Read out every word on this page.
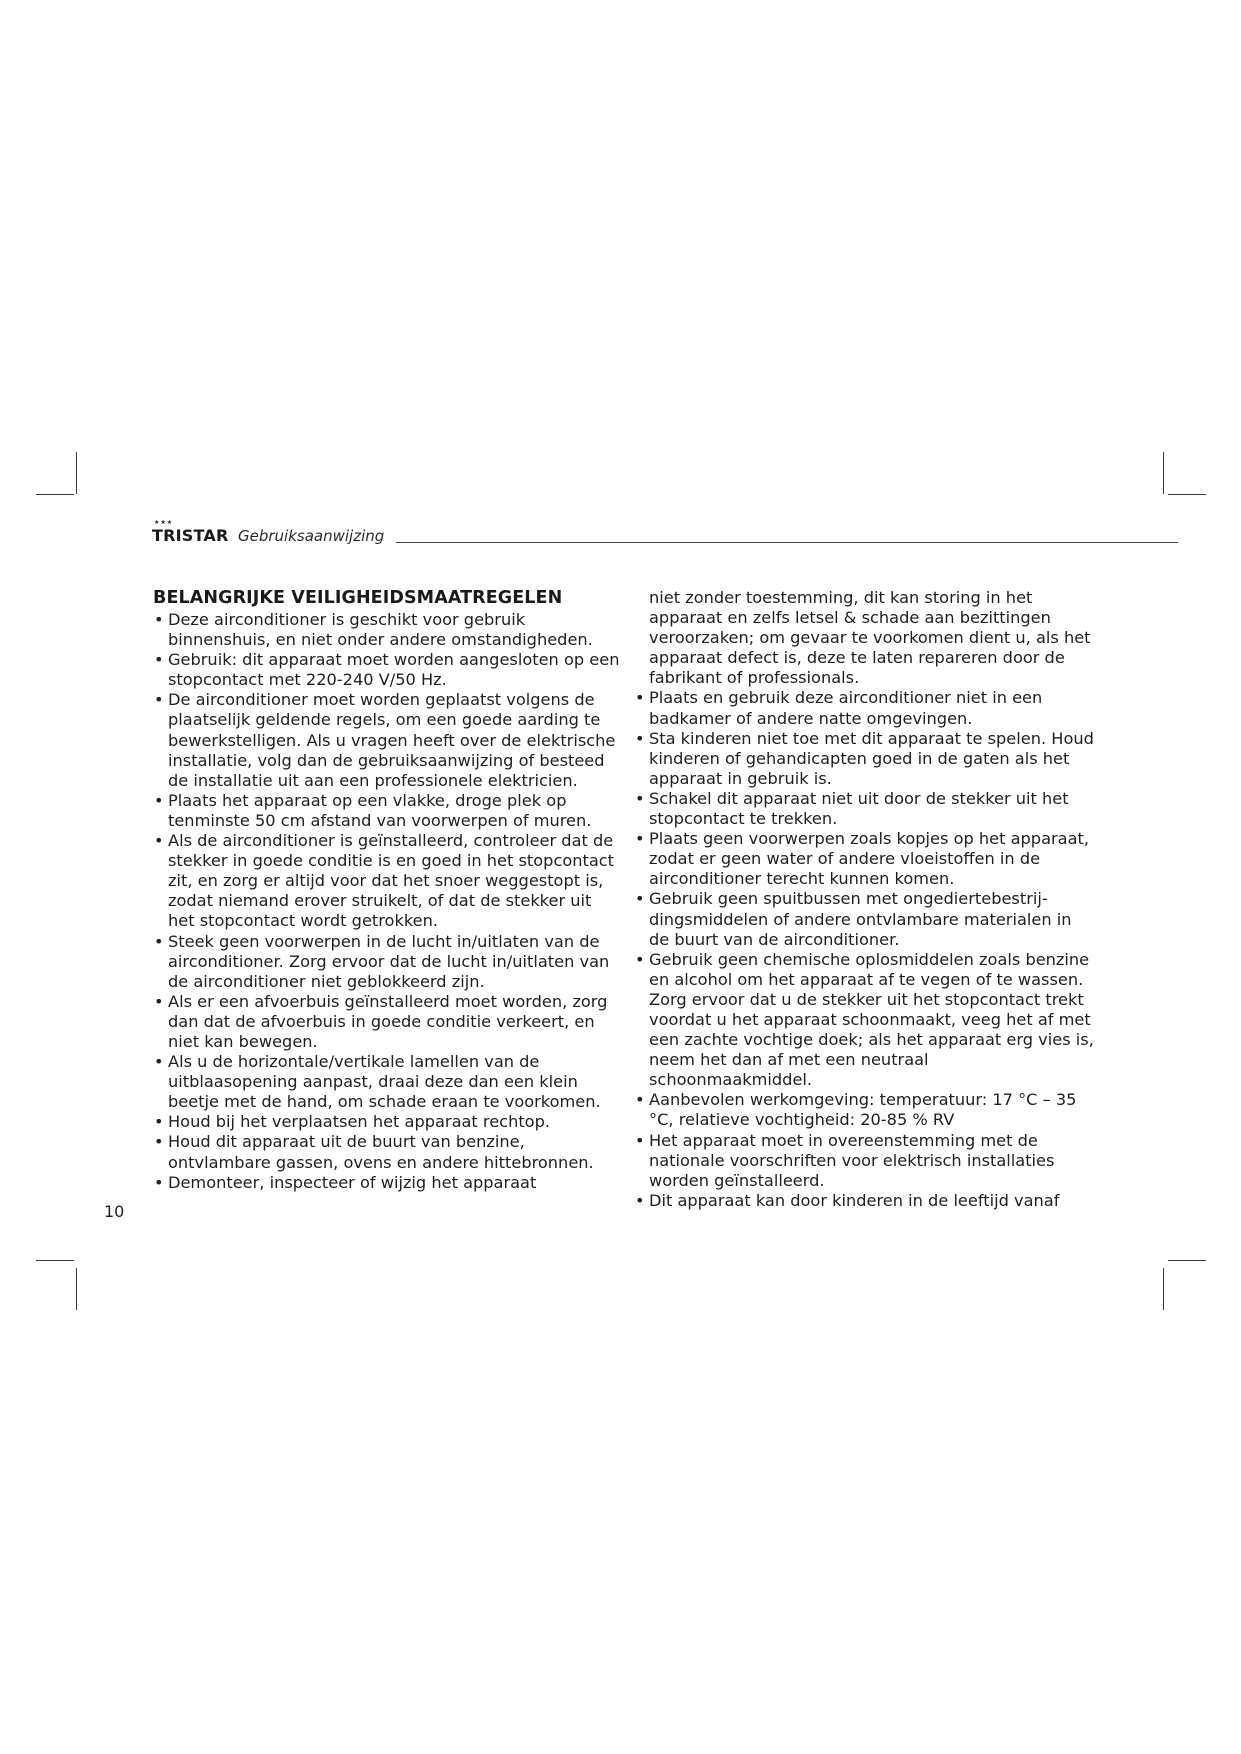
★★★
TRISTAR Gebruiksaanwijzing
BELANGRIJKE VEILIGHEIDSMAATREGELEN
• Deze airconditioner is geschikt voor gebruik binnenshuis, en niet onder andere omstandigheden.
• Gebruik: dit apparaat moet worden aangesloten op een stopcontact met 220-240 V/50 Hz.
• De airconditioner moet worden geplaatst volgens de plaatselijk geldende regels, om een goede aarding te bewerkstelligen. Als u vragen heeft over de elektrische installatie, volg dan de gebruiksaanwijzing of besteed de installatie uit aan een professionele elektricien.
• Plaats het apparaat op een vlakke, droge plek op tenminste 50 cm afstand van voorwerpen of muren.
• Als de airconditioner is geïnstalleerd, controleer dat de stekker in goede conditie is en goed in het stopcontact zit, en zorg er altijd voor dat het snoer weggestopt is, zodat niemand erover struikelt, of dat de stekker uit het stopcontact wordt getrokken.
• Steek geen voorwerpen in de lucht in/uitlaten van de airconditioner. Zorg ervoor dat de lucht in/uitlaten van de airconditioner niet geblokkeerd zijn.
• Als er een afvoerbuis geïnstalleerd moet worden, zorg dan dat de afvoerbuis in goede conditie verkeert, en niet kan bewegen.
• Als u de horizontale/vertikale lamellen van de uitblaasopening aanpast, draai deze dan een klein beetje met de hand, om schade eraan te voorkomen.
• Houd bij het verplaatsen het apparaat rechtop.
• Houd dit apparaat uit de buurt van benzine, ontvlambare gassen, ovens en andere hittebronnen.
• Demonteer, inspecteer of wijzig het apparaat

niet zonder toestemming, dit kan storing in het apparaat en zelfs letsel & schade aan bezittingen veroorzaken; om gevaar te voorkomen dient u, als het apparaat defect is, deze te laten repareren door de fabrikant of professionals.

• Plaats en gebruik deze airconditioner niet in een badkamer of andere natte omgevingen.
• Sta kinderen niet toe met dit apparaat te spelen. Houd kinderen of gehandicapten goed in de gaten als het apparaat in gebruik is.
• Schakel dit apparaat niet uit door de stekker uit het stopcontact te trekken.
• Plaats geen voorwerpen zoals kopjes op het apparaat, zodat er geen water of andere vloeistoffen in de airconditioner terecht kunnen komen.
• Gebruik geen spuitbussen met ongediertebestrij-dingsmiddelen of andere ontvlambare materialen in de buurt van de airconditioner.
• Gebruik geen chemische oplosmiddelen zoals benzine en alcohol om het apparaat af te vegen of te wassen. Zorg ervoor dat u de stekker uit het stopcontact trekt voordat u het apparaat schoonmaakt, veeg het af met een zachte vochtige doek; als het apparaat erg vies is, neem het dan af met een neutraal schoonmaakmiddel.
• Aanbevolen werkomgeving: temperatuur: 17 °C – 35 °C, relatieve vochtigheid: 20-85 % RV
• Het apparaat moet in overeenstemming met de nationale voorschriften voor elektrisch installaties worden geïnstalleerd.
• Dit apparaat kan door kinderen in de leeftijd vanaf
10
